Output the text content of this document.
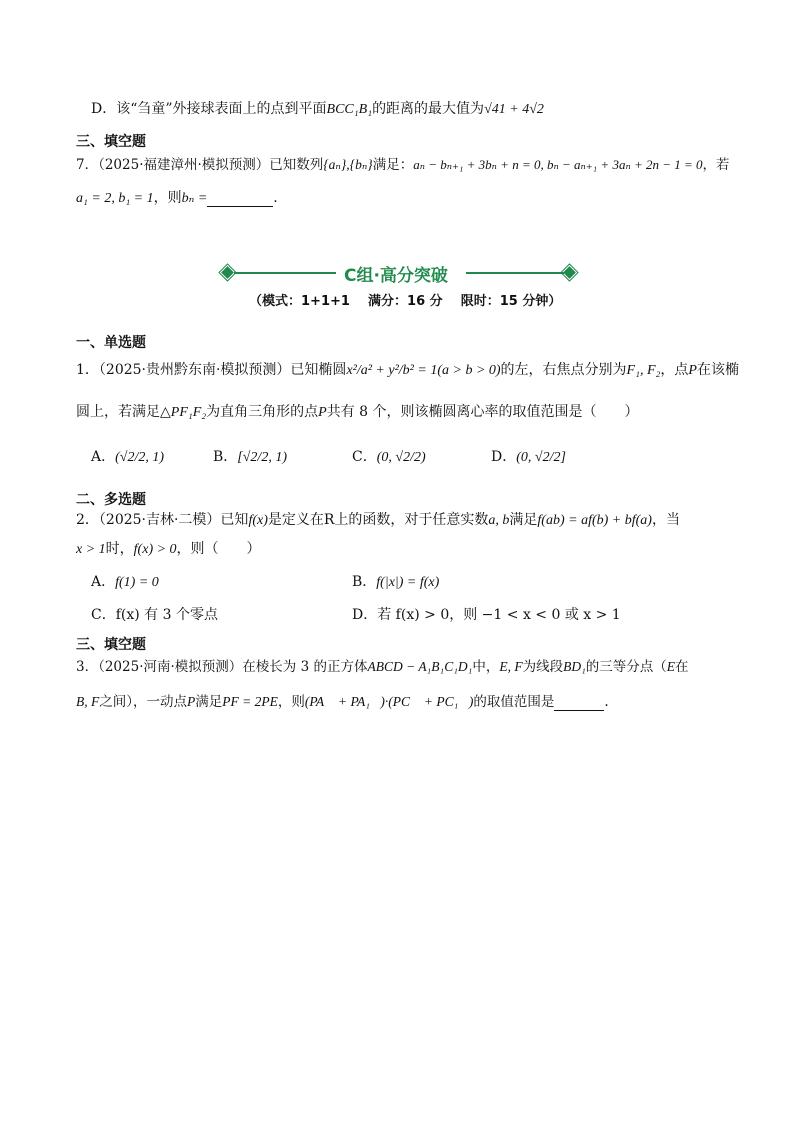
D．该“刍童”外接球表面上的点到平面BCC₁B₁的距离的最大值为√41 + 4√2
三、填空题
7．（2025·福建漳州·模拟预测）已知数列{aₙ},{bₙ}满足：aₙ − bₙ₊₁ + 3bₙ + n = 0, bₙ − aₙ₊₁ + 3aₙ + 2n − 1 = 0，若
a₁ = 2, b₁ = 1，则bₙ =	.
C组·高分突破
（模式：1+1+1    满分：16 分    限时：15 分钟）
一、单选题
1．（2025·贵州黔东南·模拟预测）已知椭圆x²/a² + y²/b² = 1(a > b > 0)的左，右焦点分别为F₁, F₂，点P在该椭
圆上，若满足△PF₁F₂为直角三角形的点P共有 8 个，则该椭圆离心率的取值范围是（　　）
A．(√2/2, 1)	B．[√2/2, 1)	C．(0, √2/2)	D．(0, √2/2]
二、多选题
2．（2025·吉林·二模）已知f(x)是定义在R上的函数，对于任意实数a, b满足f(ab) = af(b) + bf(a)，当
x > 1时，f(x) > 0，则（　　）
A．f(1) = 0	B．f(|x|) = f(x)
C．f(x) 有 3 个零点	D．若 f(x) > 0，则 −1 < x < 0 或 x > 1
三、填空题
3．（2025·河南·模拟预测）在棱长为 3 的正方体ABCD − A₁B₁C₁D₁中，E, F为线段BD₁的三等分点（E在
B, F之间），一动点P满足PF = 2PE，则(PA⃗ + PA₁⃗)·(PC⃗ + PC₁⃗)的取值范围是	.
